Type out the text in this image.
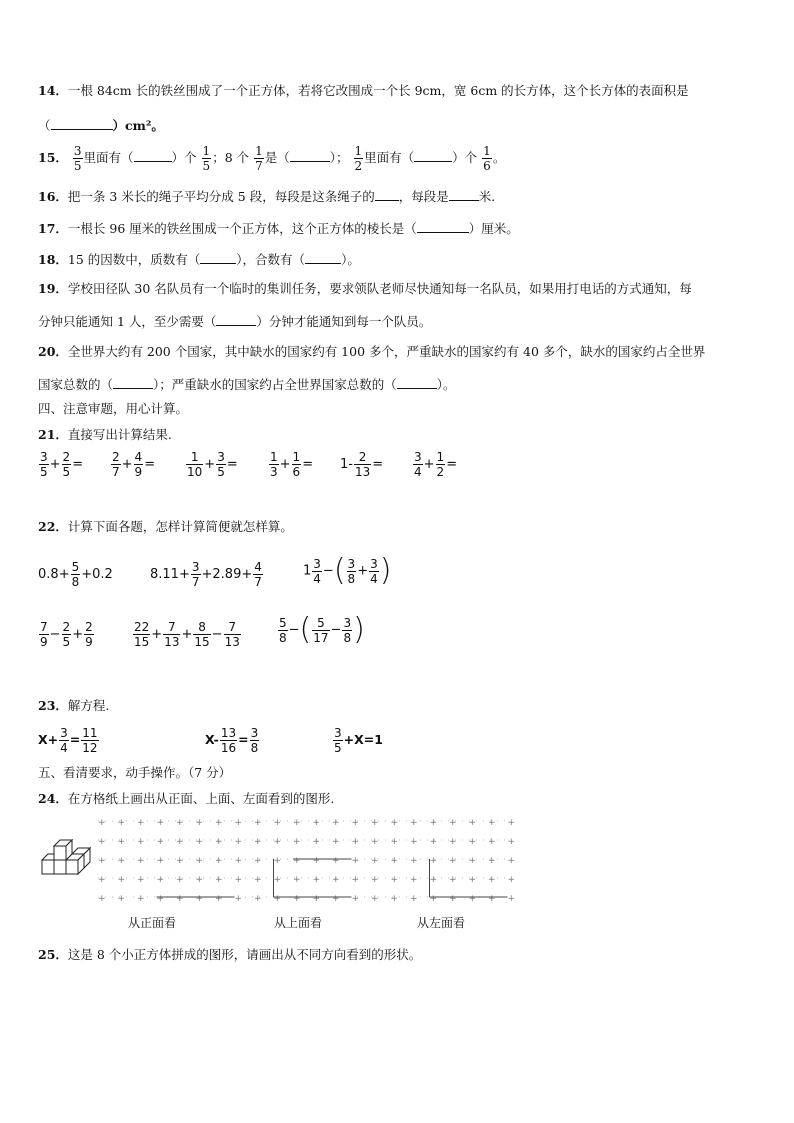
14．一根 84cm 长的铁丝围成了一个正方体，若将它改围成一个长 9cm，宽 6cm 的长方体，这个长方体的表面积是
（	）cm²。
15． $\frac{3}{5}$ 里面有（	）个 $\frac{1}{5}$ ；8 个 $\frac{1}{7}$ 是（	）； $\frac{1}{2}$ 里面有（	）个 $\frac{1}{6}$ 。
16．把一条 3 米长的绳子平均分成 5 段，每段是这条绳子的 ，每段是 米.
17．一根长 96 厘米的铁丝围成一个正方体，这个正方体的棱长是（	）厘米。
18．15 的因数中，质数有（	），合数有（	）。
19．学校田径队 30 名队员有一个临时的集训任务，要求领队老师尽快通知每一名队员，如果用打电话的方式通知，每
分钟只能通知 1 人，至少需要（	）分钟才能通知到每一个队员。
20．全世界大约有 200 个国家，其中缺水的国家约有 100 多个，严重缺水的国家约有 40 多个，缺水的国家约占全世界
国家总数的（	）；严重缺水的国家约占全世界国家总数的（	）。
四、注意审题，用心计算。
21．直接写出计算结果.
$\frac{3}{5} + \frac{2}{5} = \frac{2}{7} + \frac{4}{9}$ =	$\frac{1}{10} + \frac{3}{5}$ =	$\frac{1}{3} + \frac{1}{6} = 1- \frac{2}{13} = \frac{3}{4} + \frac{1}{2}$ =
22．计算下面各题，怎样计算简便就怎样算。
$0.8+ \frac{5}{8} +0.2$	$8.11+ \frac{3}{7} +2.89+ \frac{4}{7}$	$1 \frac{3}{4}$ −( $\frac{3}{8} + \frac{3}{4}$ )
$\frac{7}{9} - \frac{2}{5} + \frac{2}{9}$	$\frac{22}{15} + \frac{7}{13} + \frac{8}{15} - \frac{7}{13}$	$\frac{5}{8}$ −( $\frac{5}{17} - \frac{3}{8}$ )
23．解方程.
$X+ \frac{3}{4} = \frac{11}{12}$	$X- \frac{13}{16} = \frac{3}{8}$	$\frac{3}{5} +X=1$
五、看清要求，动手操作。（7 分）
24．在方格纸上画出从正面、上面、左面看到的图形.
+ + + + + + + + + + + + + + + + + + + + + +
+ + + + + + + + + + + + + + + + + + + + + +
+ + + + + + + + + + + + + + + + + + + + + +
+ + + + + + + + + + + + + + + + + + + + + +
+ + + + + + + + + + + + + + + + + + + + + +
从正面看	从上面看	从左面看
25．这是 8 个小正方体拼成的图形，请画出从不同方向看到的形状。
